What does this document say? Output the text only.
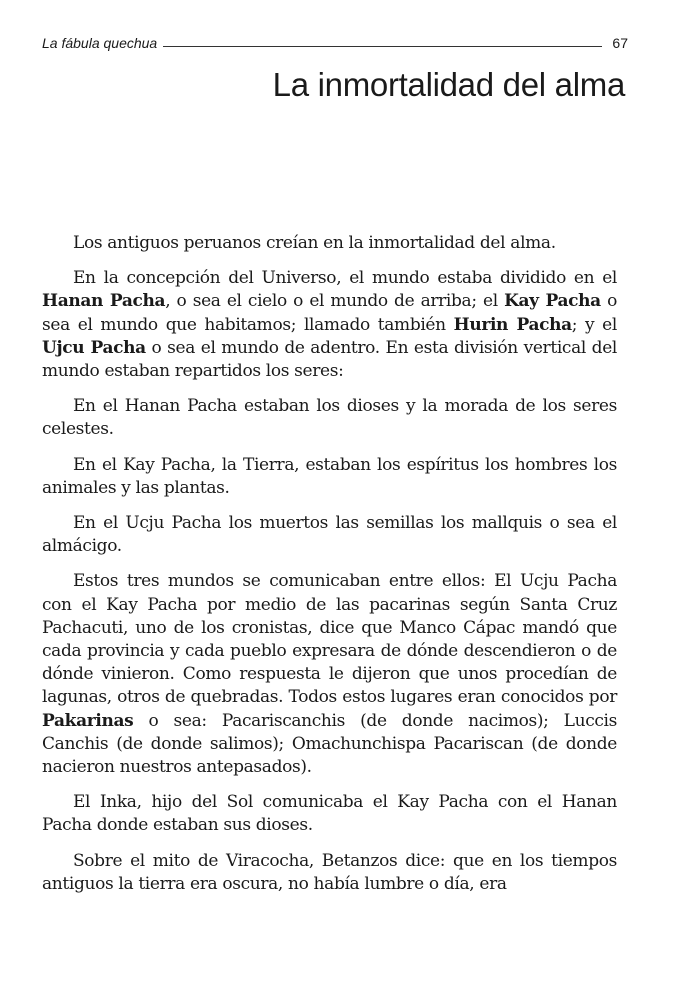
La fábula quechua	67
La inmortalidad del alma

Los antiguos peruanos creían en la inmortalidad del alma.

En la concepción del Universo, el mundo estaba dividido en el Hanan Pacha, o sea el cielo o el mundo de arriba; el Kay Pacha o sea el mundo que habitamos; llamado también Hurin Pacha; y el Ujcu Pacha o sea el mundo de adentro. En esta división vertical del mundo estaban repartidos los seres:

En el Hanan Pacha estaban los dioses y la morada de los seres celestes.

En el Kay Pacha, la Tierra, estaban los espíritus los hombres los animales y las plantas.

En el Ucju Pacha los muertos las semillas los mallquis o sea el almácigo.

Estos tres mundos se comunicaban entre ellos: El Ucju Pacha con el Kay Pacha por medio de las pacarinas según Santa Cruz Pachacuti, uno de los cronistas, dice que Manco Cápac mandó que cada provincia y cada pueblo expresara de dónde descendieron o de dónde vinieron. Como respuesta le dijeron que unos procedían de lagunas, otros de quebradas. Todos estos lugares eran conocidos por Pakarinas o sea: Pacariscanchis (de donde nacimos); Luccis Canchis (de donde salimos); Omachunchispa Pacariscan (de donde nacieron nuestros antepasados).

El Inka, hijo del Sol comunicaba el Kay Pacha con el Hanan Pacha donde estaban sus dioses.

Sobre el mito de Viracocha, Betanzos dice: que en los tiempos antiguos la tierra era oscura, no había lumbre o día, era
